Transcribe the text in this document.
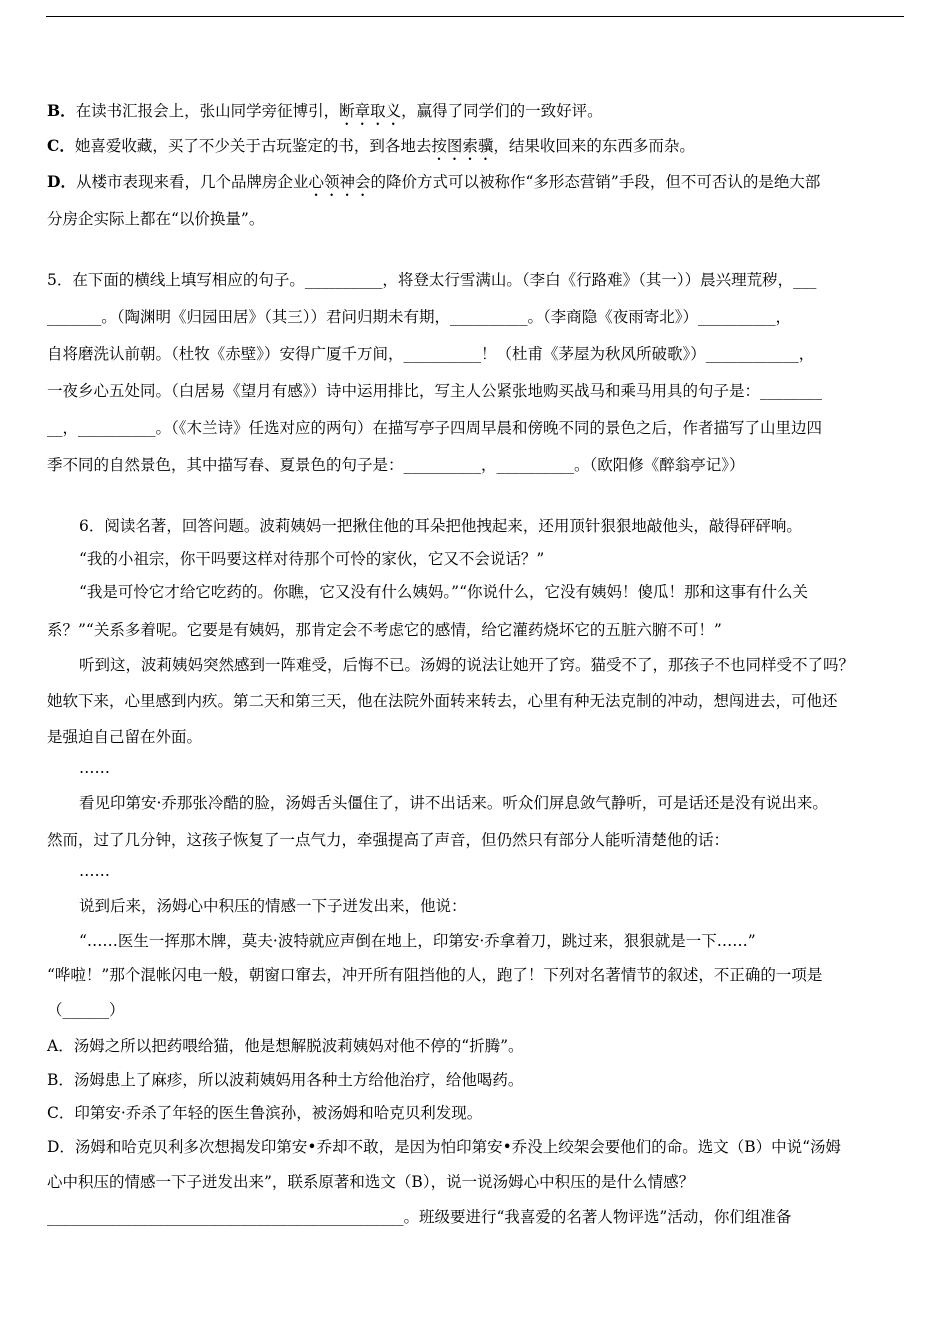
B．在读书汇报会上，张山同学旁征博引，断章取义，赢得了同学们的一致好评。
C．她喜爱收藏，买了不少关于古玩鉴定的书，到各地去按图索骥，结果收回来的东西多而杂。
D．从楼市表现来看，几个品牌房企业心领神会的降价方式可以被称作“多形态营销”手段，但不可否认的是绝大部
分房企实际上都在“以价换量”。
5．在下面的横线上填写相应的句子。__________，将登太行雪满山。（李白《行路难》（其一））晨兴理荒秽，___
_______。（陶渊明《归园田居》（其三））君问归期未有期，__________。（李商隐《夜雨寄北》）__________，
自将磨洗认前朝。（杜牧《赤壁》）安得广厦千万间，__________！（杜甫《茅屋为秋风所破歌》）____________，
一夜乡心五处同。（白居易《望月有感》）诗中运用排比，写主人公紧张地购买战马和乘马用具的句子是：________
__，__________。（《木兰诗》任选对应的两句）在描写亭子四周早晨和傍晚不同的景色之后，作者描写了山里边四
季不同的自然景色，其中描写春、夏景色的句子是：__________，__________。（欧阳修《醉翁亭记》）
6．阅读名著，回答问题。波莉姨妈一把揪住他的耳朵把他拽起来，还用顶针狠狠地敲他头，敲得砰砰响。
“我的小祖宗，你干吗要这样对待那个可怜的家伙，它又不会说话？”
“我是可怜它才给它吃药的。你瞧，它又没有什么姨妈。”“你说什么，它没有姨妈！傻瓜！那和这事有什么关
系？”“关系多着呢。它要是有姨妈，那肯定会不考虑它的感情，给它灌药烧坏它的五脏六腑不可！”
听到这，波莉姨妈突然感到一阵难受，后悔不已。汤姆的说法让她开了窍。猫受不了，那孩子不也同样受不了吗？
她软下来，心里感到内疚。第二天和第三天，他在法院外面转来转去，心里有种无法克制的冲动，想闯进去，可他还
是强迫自己留在外面。
……
看见印第安·乔那张冷酷的脸，汤姆舌头僵住了，讲不出话来。听众们屏息敛气静听，可是话还是没有说出来。
然而，过了几分钟，这孩子恢复了一点气力，牵强提高了声音，但仍然只有部分人能听清楚他的话：
……
说到后来，汤姆心中积压的情感一下子迸发出来，他说：
“……医生一挥那木牌，莫夫·波特就应声倒在地上，印第安·乔拿着刀，跳过来，狠狠就是一下……”
“哗啦！”那个混帐闪电一般，朝窗口窜去，冲开所有阻挡他的人，跑了！下列对名著情节的叙述，不正确的一项是
（______）
A．汤姆之所以把药喂给猫，他是想解脱波莉姨妈对他不停的“折腾”。
B．汤姆患上了麻疹，所以波莉姨妈用各种土方给他治疗，给他喝药。
C．印第安·乔杀了年轻的医生鲁滨孙，被汤姆和哈克贝利发现。
D．汤姆和哈克贝利多次想揭发印第安•乔却不敢，是因为怕印第安•乔没上绞架会要他们的命。选文（B）中说“汤姆
心中积压的情感一下子迸发出来”，联系原著和选文（B），说一说汤姆心中积压的是什么情感？
______________________________________________。班级要进行“我喜爱的名著人物评选”活动，你们组准备
